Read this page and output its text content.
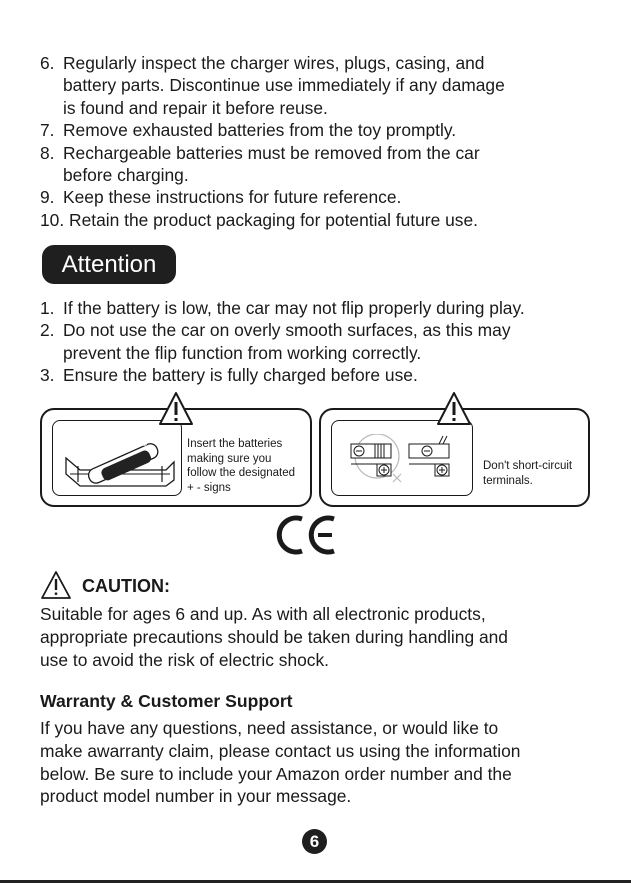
6. Regularly inspect the charger wires, plugs, casing, and
battery parts. Discontinue use immediately if any damage
is found and repair it before reuse.
7. Remove exhausted batteries from the toy promptly.
8. Rechargeable batteries must be removed from the car
before charging.
9. Keep these instructions for future reference.
10. Retain the product packaging for potential future use.
Attention
1. If the battery is low, the car may not flip properly during play.
2. Do not use the car on overly smooth surfaces, as this may
prevent the flip function from working correctly.
3. Ensure the battery is fully charged before use.
⊕	Insert the batteries
making sure you
follow the designated
+ - signs
Don't short-circuit
terminals.
CAUTION:
Suitable for ages 6 and up. As with all electronic products,
appropriate precautions should be taken during handling and
use to avoid the risk of electric shock.
Warranty & Customer Support
If you have any questions, need assistance, or would like to
make awarranty claim, please contact us using the information
below. Be sure to include your Amazon order number and the
product model number in your message.
6
